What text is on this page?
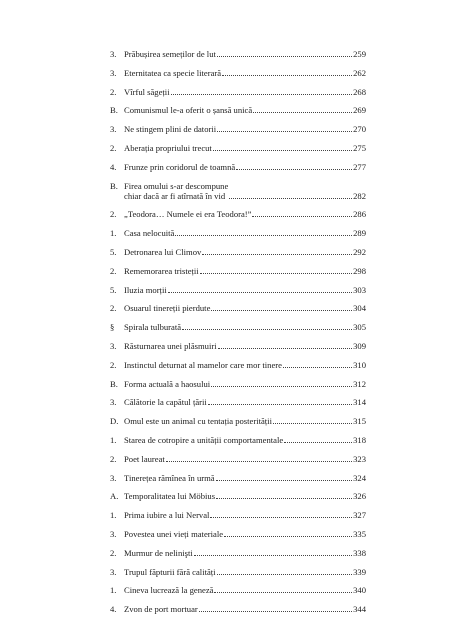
3. Prăbușirea semeților de lut	259
3. Eternitatea ca specie literară	262
2. Vîrful săgeții	268
B. Comunismul le-a oferit o șansă unică	269
3. Ne stingem plini de datorii	270
2. Aberația propriului trecut	275
4. Frunze prin coridorul de toamnă	277
B. Firea omului s-ar descompune
chiar dacă ar fi atîrnată în vid	282
2. „Teodora… Numele ei era Teodora!”	286
1. Casa nelocuită	289
5. Detronarea lui Climov	292
2. Rememorarea tristeții	298
5. Iluzia morții	303
2. Osuarul tinereții pierdute	304
§	Spirala tulburată	305
3. Răsturnarea unei plăsmuiri	309
2. Instinctul deturnat al mamelor care mor tinere	310
B. Forma actuală a haosului	312
3. Călătorie la capătul țării	314
D. Omul este un animal cu tentația posterității	315
1. Starea de cotropire a unității comportamentale	318
2. Poet laureat	323
3. Tinerețea rămînea în urmă	324
A. Temporalitatea lui Möbius	326
1. Prima iubire a lui Nerval	327
3. Povestea unei vieți materiale	335
2. Murmur de nelinişti	338
3. Trupul făpturii fără calități	339
1. Cineva lucrează la geneză	340
4. Zvon de port mortuar	344
